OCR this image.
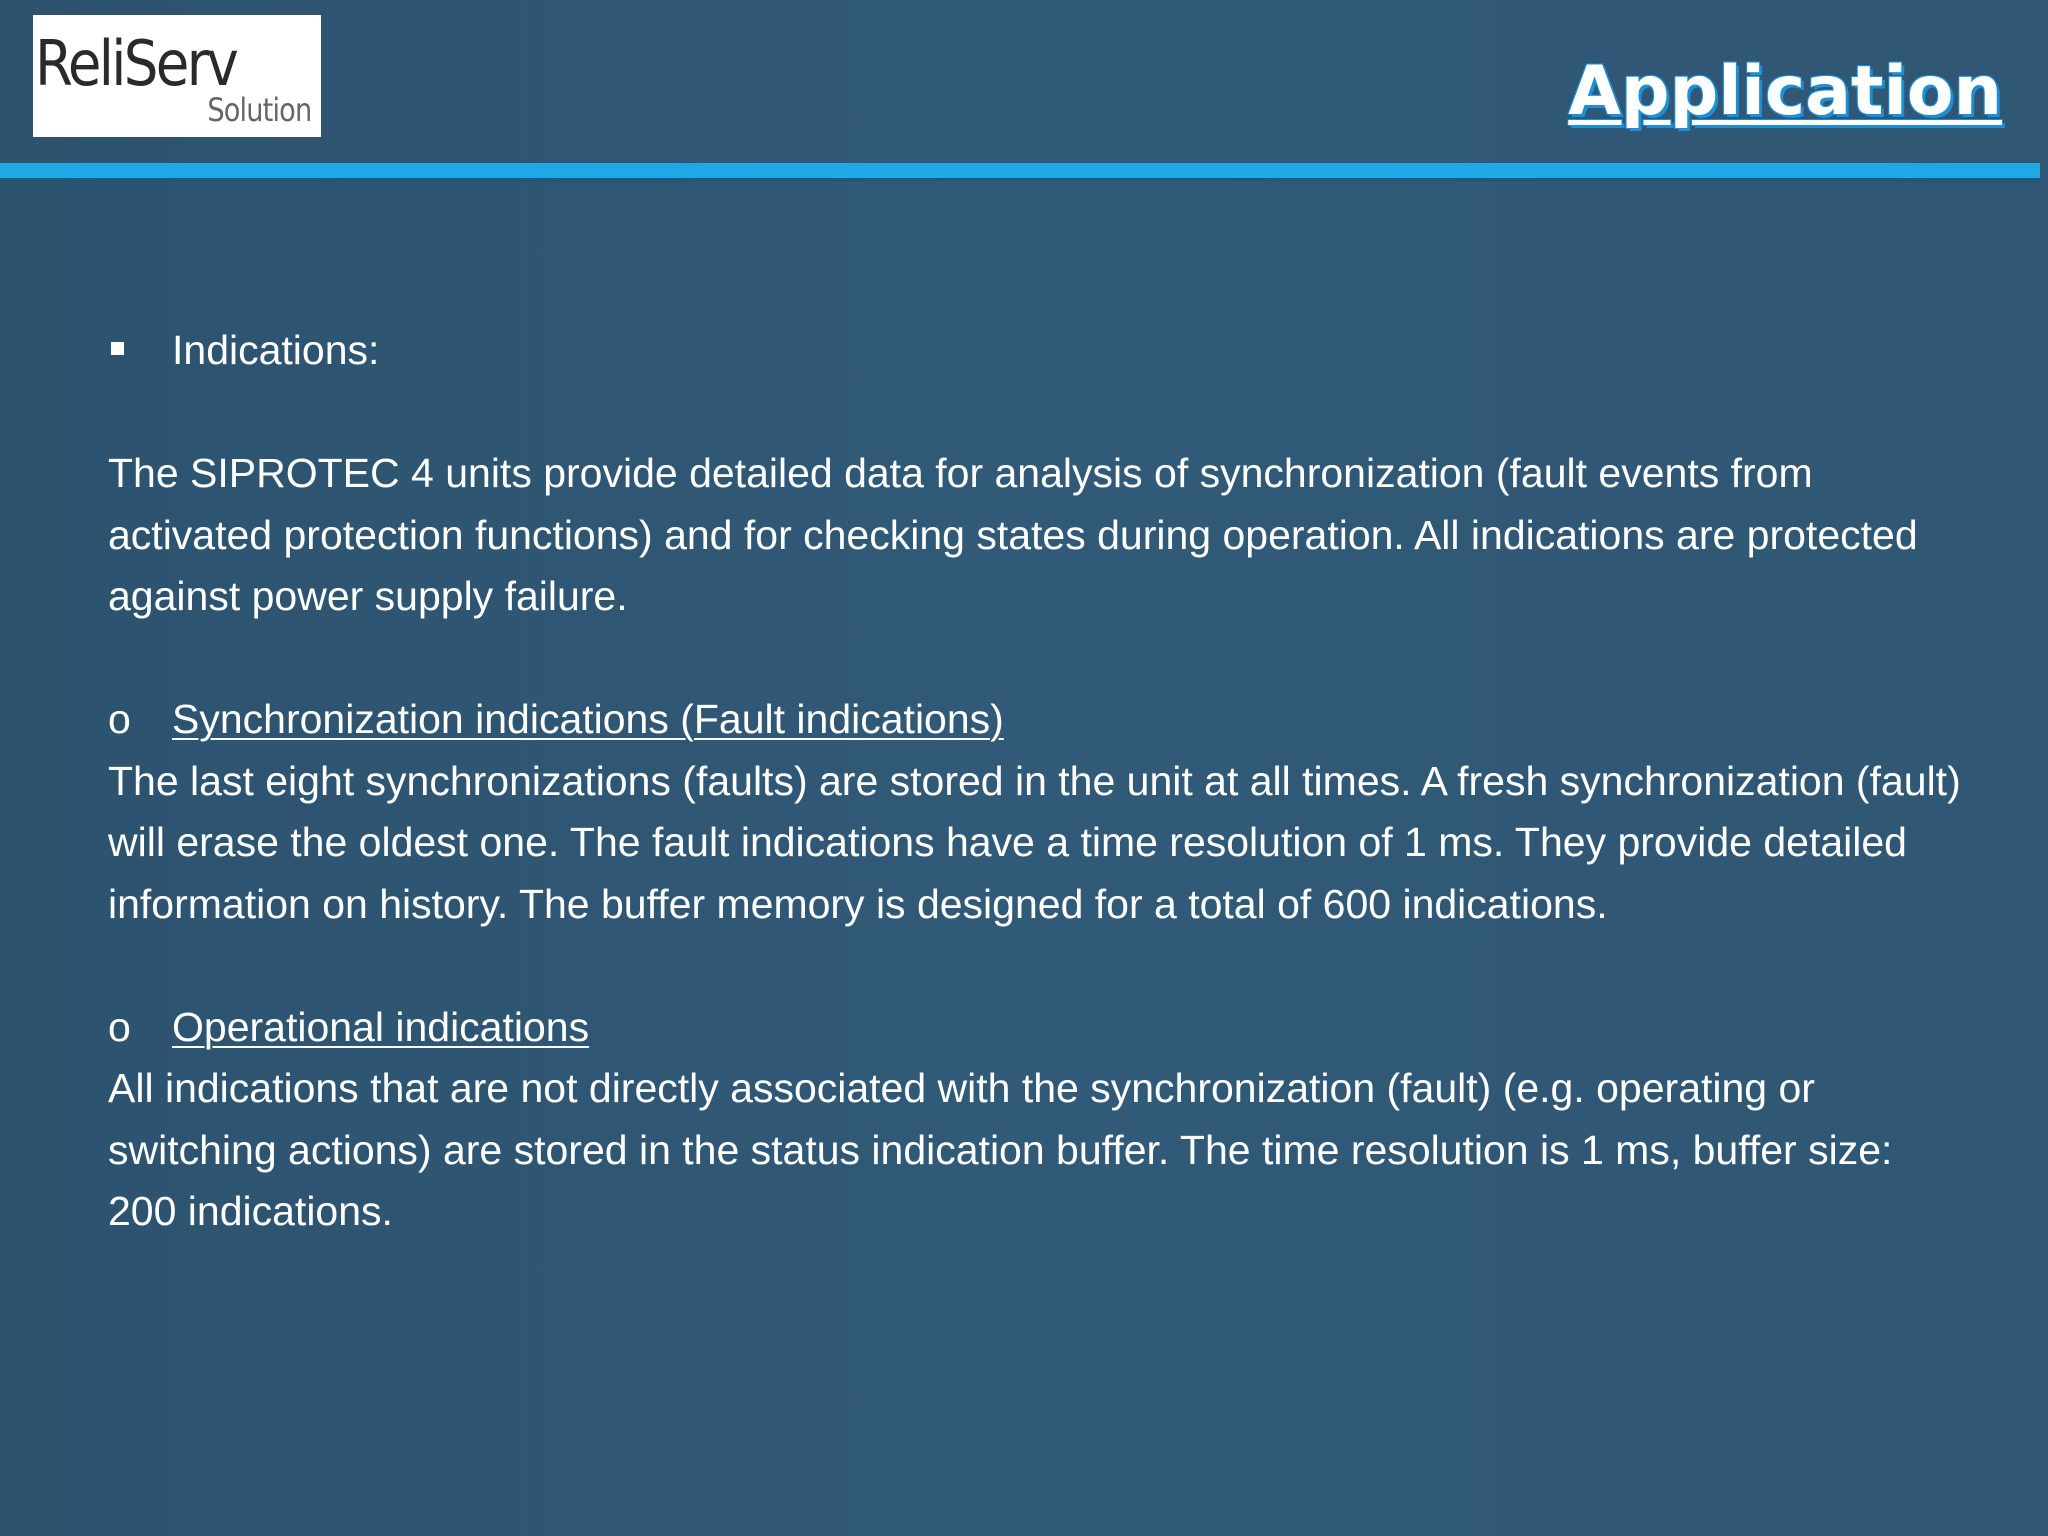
ReliServ
Solution	Application
Indications:

The SIPROTEC 4 units provide detailed data for analysis of synchronization (fault events from activated protection functions) and for checking states during operation. All indications are protected against power supply failure.

o Synchronization indications (Fault indications)

The last eight synchronizations (faults) are stored in the unit at all times. A fresh synchronization (fault) will erase the oldest one. The fault indications have a time resolution of 1 ms. They provide detailed information on history. The buffer memory is designed for a total of 600 indications.

o Operational indications

All indications that are not directly associated with the synchronization (fault) (e.g. operating or switching actions) are stored in the status indication buffer. The time resolution is 1 ms, buffer size: 200 indications.
